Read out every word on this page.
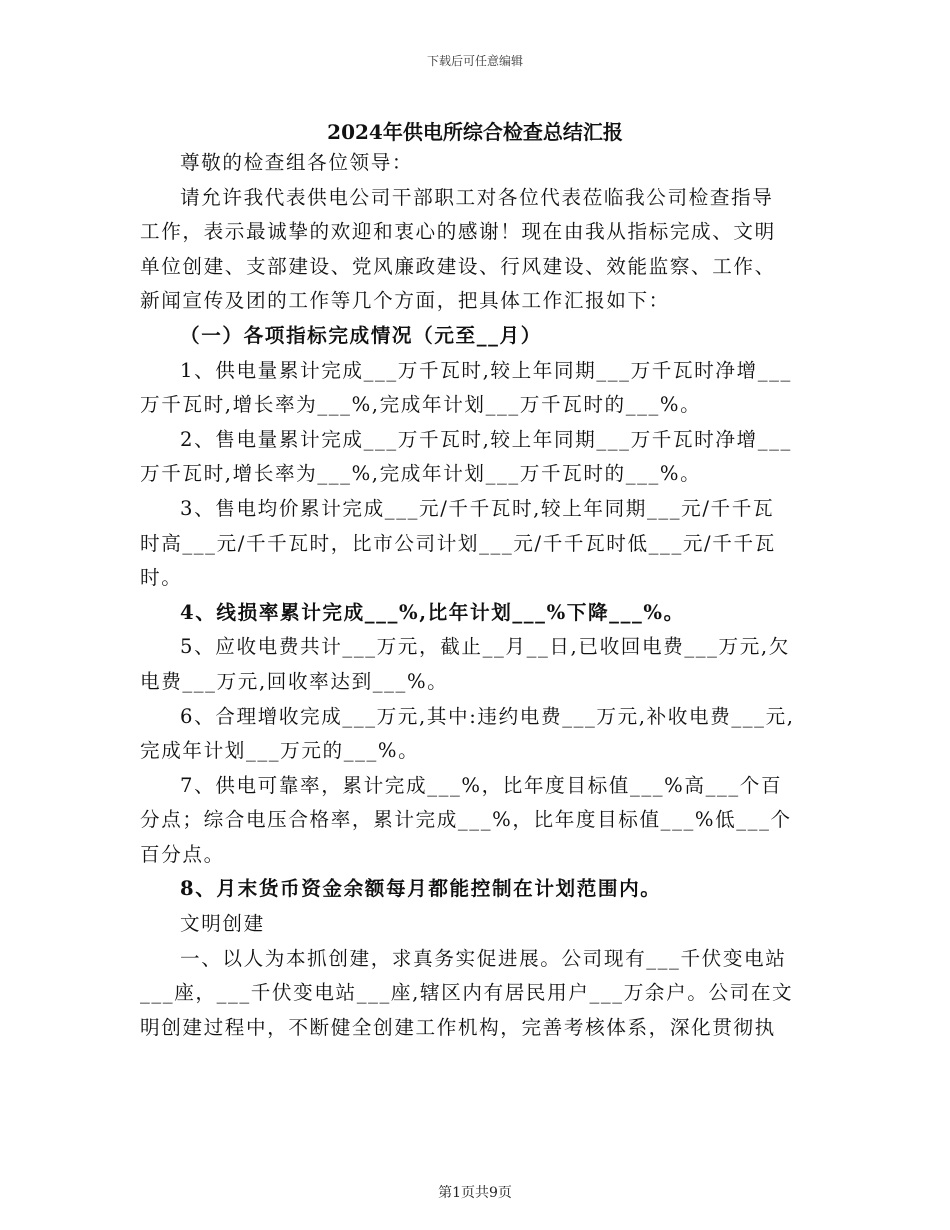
下载后可任意编辑
2024年供电所综合检查总结汇报
尊敬的检查组各位领导：
请允许我代表供电公司干部职工对各位代表莅临我公司检查指导
工作，表示最诚挚的欢迎和衷心的感谢！现在由我从指标完成、文明
单位创建、支部建设、党风廉政建设、行风建设、效能监察、工作、
新闻宣传及团的工作等几个方面，把具体工作汇报如下：
（一）各项指标完成情况（元至__月）
1、供电量累计完成___万千瓦时,较上年同期___万千瓦时净增___
万千瓦时,增长率为___%,完成年计划___万千瓦时的___%。
2、售电量累计完成___万千瓦时,较上年同期___万千瓦时净增___
万千瓦时,增长率为___%,完成年计划___万千瓦时的___%。
3、售电均价累计完成___元/千千瓦时,较上年同期___元/千千瓦
时高___元/千千瓦时，比市公司计划___元/千千瓦时低___元/千千瓦
时。
4、线损率累计完成___%,比年计划___%下降___%。
5、应收电费共计___万元，截止__月__日,已收回电费___万元,欠
电费___万元,回收率达到___%。
6、合理增收完成___万元,其中:违约电费___万元,补收电费___元,
完成年计划___万元的___%。
7、供电可靠率，累计完成___%，比年度目标值___%高___个百
分点；综合电压合格率，累计完成___%，比年度目标值___%低___个
百分点。
8、月末货币资金余额每月都能控制在计划范围内。
文明创建
一、以人为本抓创建，求真务实促进展。公司现有___千伏变电站
___座，___千伏变电站___座,辖区内有居民用户___万余户。公司在文
明创建过程中，不断健全创建工作机构，完善考核体系，深化贯彻执
第1页共9页
